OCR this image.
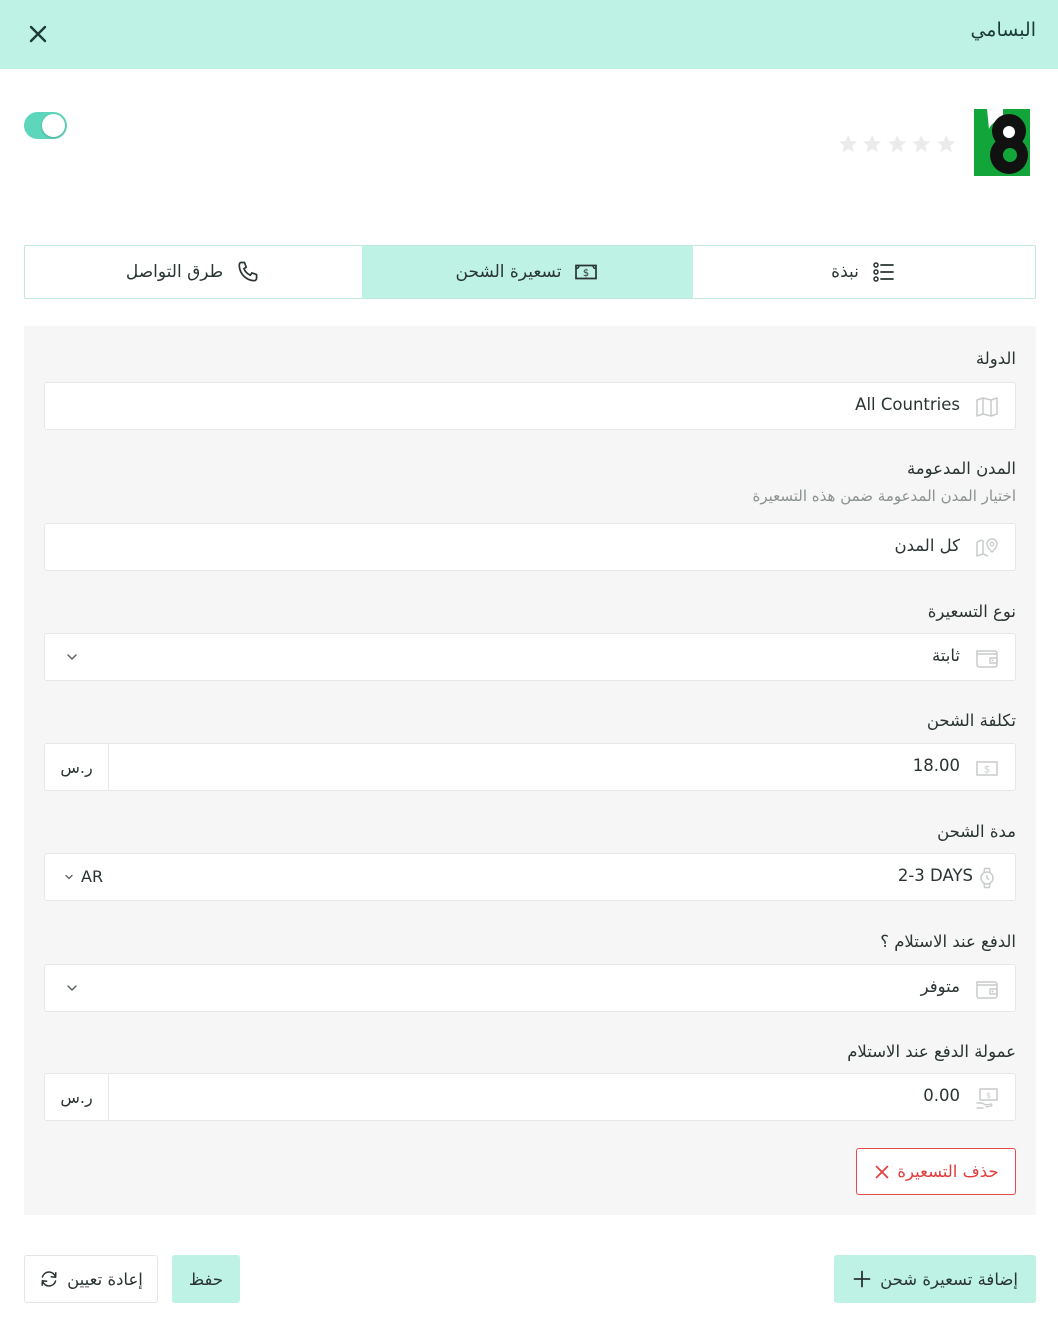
البسامي
طرق التواصل	$
تسعيرة الشحن	نبذة
الدولة
All Countries
المدن المدعومة
اختيار المدن المدعومة ضمن هذه التسعيرة
كل المدن
نوع التسعيرة
ثابتة
تكلفة الشحن
$
18.00
ر.س
مدة الشحن
2-3 DAYS
AR
الدفع عند الاستلام ؟
متوفر
عمولة الدفع عند الاستلام
$
0.00
ر.س
حذف التسعيرة
إعادة تعيين	حفظ	إضافة تسعيرة شحن
